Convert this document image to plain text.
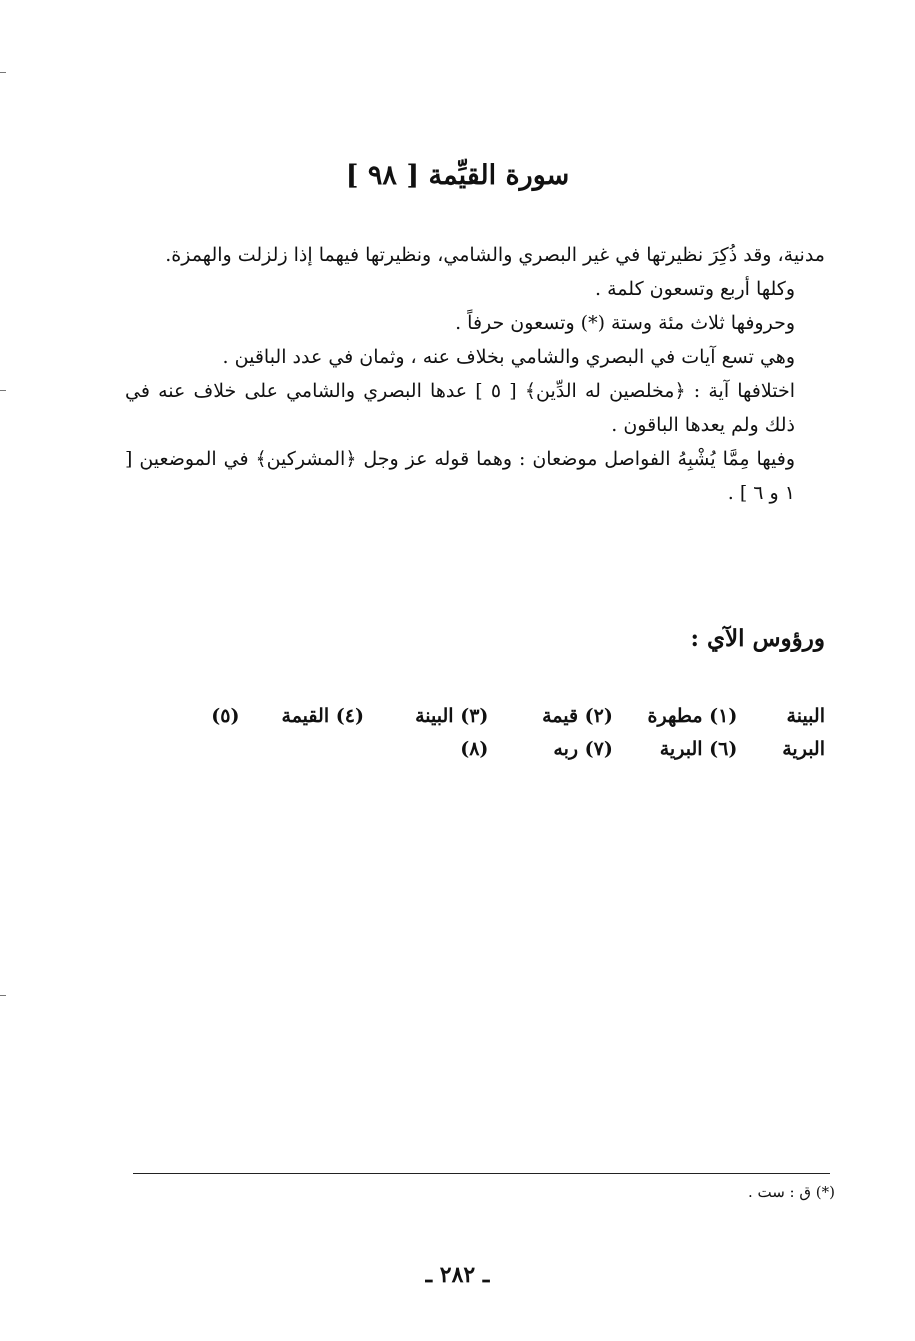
سورة القيِّمة [ ٩٨ ]

مدنية، وقد ذُكِرَ نظيرتها في غير البصري والشامي، ونظيرتها فيهما إذا زلزلت والهمزة.

وكلها أربع وتسعون كلمة .

وحروفها ثلاث مئة وستة (*) وتسعون حرفاً .

وهي تسع آيات في البصري والشامي بخلاف عنه ، وثمان في عدد الباقين .

اختلافها آية : ﴿مخلصين له الدِّين﴾ [ ٥ ] عدها البصري والشامي على خلاف عنه في ذلك ولم يعدها الباقون .

وفيها مِمَّا يُشْبِهُ الفواصل موضعان : وهما قوله عز وجل ﴿المشركين﴾ في الموضعين [ ١ و ٦ ] .

ورؤوس الآي :
البينة
(١) مطهرة
(٢) قيمة
(٣) البينة
(٤) القيمة
(٥)
البرية
(٦) البرية
(٧) ربه
(٨)
(*) ق : ست .
ـ ٢٨٢ ـ
